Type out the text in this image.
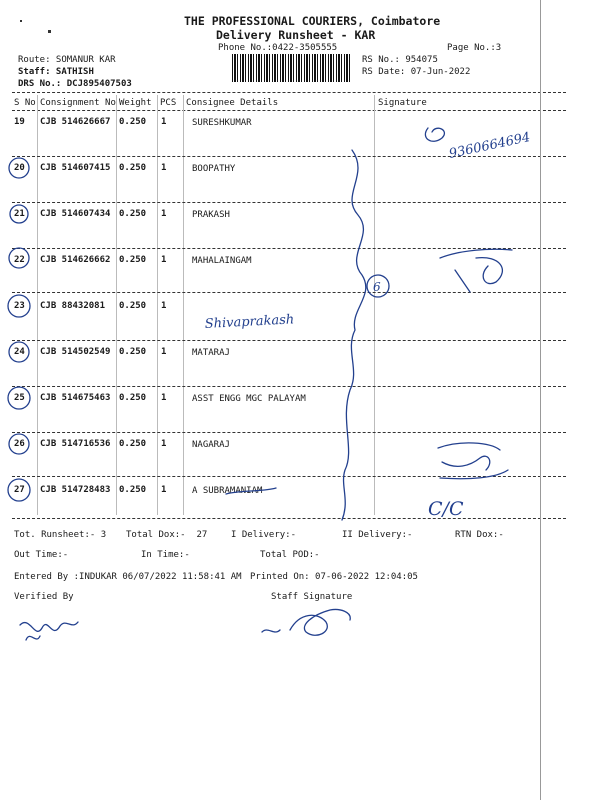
THE PROFESSIONAL COURIERS, Coimbatore
Delivery Runsheet - KAR
Phone No.:0422-3505555	Page No.:3
Route: SOMANUR KAR
Staff: SATHISH
DRS No.: DCJ895407503
RS No.: 954075
RS Date: 07-Jun-2022
S No Consignment No Weight PCS Consignee Details	Signature
19 CJB 514626667 0.250 1	SURESHKUMAR
20 CJB 514607415 0.250 1	BOOPATHY
21 CJB 514607434 0.250 1	PRAKASH
22 CJB 514626662 0.250 1	MAHALAINGAM
23 CJB 88432081 0.250 1
24 CJB 514502549 0.250 1	MATARAJ
25 CJB 514675463 0.250 1	ASST ENGG MGC PALAYAM
26 CJB 514716536 0.250 1	NAGARAJ
27 CJB 514728483 0.250 1	A SUBRAMANIAM
Tot. Runsheet:- 3 Total Dox:-  27	I Delivery:-	II Delivery:-	RTN Dox:-
Out Time:-	In Time:-	Total POD:-
Entered By :INDUKAR 06/07/2022 11:58:41 AM Printed On: 07-06-2022 12:04:05
Verified By	Staff Signature
9360664694
6
Shivaprakash
C/C
